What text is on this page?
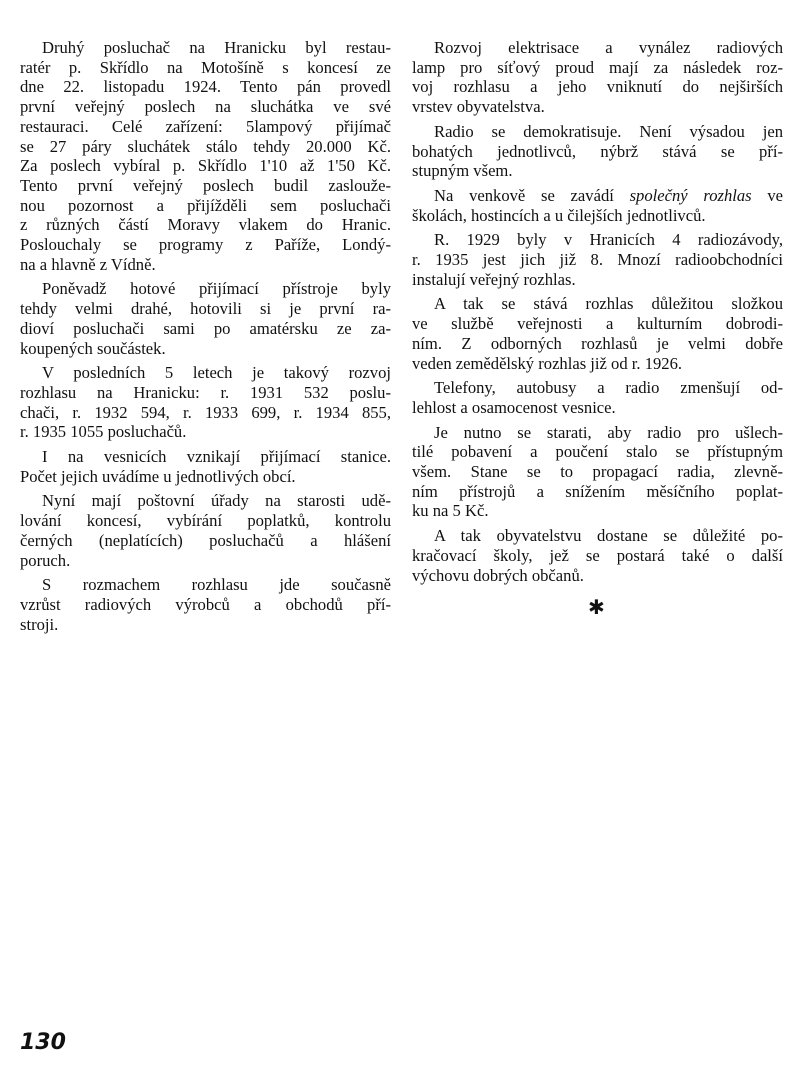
Druhý posluchač na Hranicku byl restau-
ratér p. Skřídlo na Motošíně s koncesí ze
dne 22. listopadu 1924. Tento pán provedl
první veřejný poslech na sluchátka ve své
restauraci. Celé zařízení: 5lampový přijímač
se 27 páry sluchátek stálo tehdy 20.000 Kč.
Za poslech vybíral p. Skřídlo 1'10 až 1'50 Kč.
Tento první veřejný poslech budil zasloužе-
nou pozornost a přijížděli sem posluchači
z různých částí Moravy vlakem do Hranic.
Poslouchaly se programy z Paříže, Londý-
na a hlavně z Vídně.

Poněvadž hotové přijímací přístroje byly
tehdy velmi drahé, hotovili si je první ra-
dioví posluchači sami po amatérsku ze za-
koupených součástek.

V posledních 5 letech je takový rozvoj
rozhlasu na Hranicku: r. 1931 532 poslu-
chači, r. 1932 594, r. 1933 699, r. 1934 855,
r. 1935 1055 posluchačů.

I na vesnicích vznikají přijímací stanice.
Počet jejich uvádíme u jednotlivých obcí.

Nyní mají poštovní úřady na starosti udě-
lování koncesí, vybírání poplatků, kontrolu
černých (neplatících) posluchačů a hlášení
poruch.

S rozmachem rozhlasu jde současně
vzrůst radiových výrobců a obchodů pří-
stroji.

Rozvoj elektrisace a vynález radiových
lamp pro síťový proud mají za následek roz-
voj rozhlasu a jeho vniknutí do nejširších
vrstev obyvatelstva.

Radio se demokratisuje. Není výsadou jen
bohatých jednotlivců, nýbrž stává se pří-
stupným všem.

Na venkově se zavádí společný rozhlas ve
školách, hostincích a u čilejších jednotlivců.

R. 1929 byly v Hranicích 4 radiozávody,
r. 1935 jest jich již 8. Mnozí radioobchodníci
instalují veřejný rozhlas.

A tak se stává rozhlas důležitou složkou
ve službě veřejnosti a kulturním dobrodi-
ním. Z odborných rozhlasů je velmi dobře
veden zemědělský rozhlas již od r. 1926.

Telefony, autobusy a radio zmenšují od-
lehlost a osamocenost vesnice.

Je nutno se starati, aby radio pro ušlech-
tilé pobavení a poučení stalo se přístupným
všem. Stane se to propagací radia, zlevně-
ním přístrojů a snížením měsíčního poplat-
ku na 5 Kč.

A tak obyvatelstvu dostane se důležité po-
kračovací školy, jež se postará také o další
výchovu dobrých občanů.

✱
130
